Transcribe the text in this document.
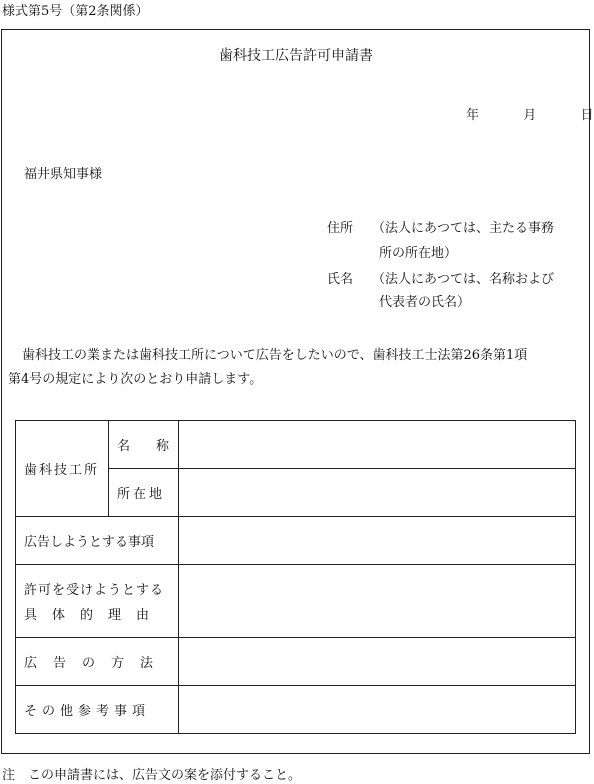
様式第5号（第2条関係）
歯科技工広告許可申請書
年	月	日
福井県知事様
住所 （法人にあつては、主たる事務
所の所在地）
氏名 （法人にあつては、名称および
代表者の氏名）
歯科技工の業または歯科技工所について広告をしたいので、歯科技工士法第26条第1項
第4号の規定により次のとおり申請します。
歯科技工所	名　　称	
	所在地	
広告しようとする事項		

許可を受けようとする
具体的理由		

広告の方法		
その他参考事項		
注　この申請書には、広告文の案を添付すること。
